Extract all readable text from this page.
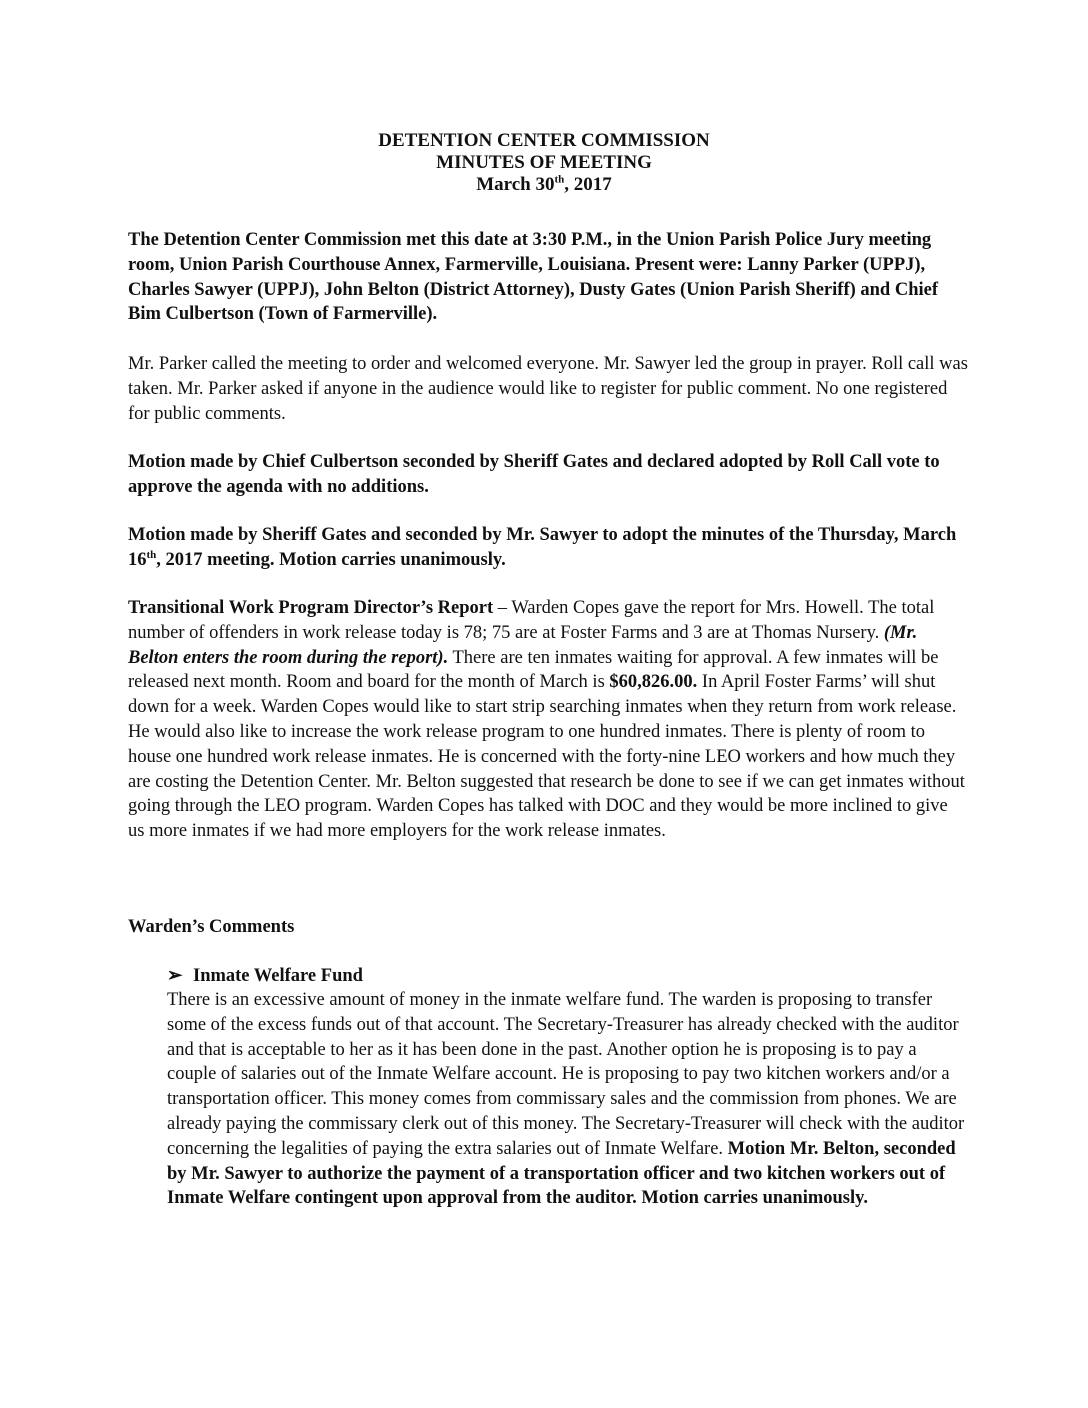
DETENTION CENTER COMMISSION
MINUTES OF MEETING
March 30th, 2017

The Detention Center Commission met this date at 3:30 P.M., in the Union Parish Police Jury meeting room, Union Parish Courthouse Annex, Farmerville, Louisiana. Present were: Lanny Parker (UPPJ), Charles Sawyer (UPPJ), John Belton (District Attorney), Dusty Gates (Union Parish Sheriff) and Chief Bim Culbertson (Town of Farmerville).

Mr. Parker called the meeting to order and welcomed everyone. Mr. Sawyer led the group in prayer. Roll call was taken. Mr. Parker asked if anyone in the audience would like to register for public comment. No one registered for public comments.

Motion made by Chief Culbertson seconded by Sheriff Gates and declared adopted by Roll Call vote to approve the agenda with no additions.

Motion made by Sheriff Gates and seconded by Mr. Sawyer to adopt the minutes of the Thursday, March 16th, 2017 meeting. Motion carries unanimously.

Transitional Work Program Director’s Report – Warden Copes gave the report for Mrs. Howell. The total number of offenders in work release today is 78; 75 are at Foster Farms and 3 are at Thomas Nursery. (Mr. Belton enters the room during the report). There are ten inmates waiting for approval. A few inmates will be released next month. Room and board for the month of March is $60,826.00. In April Foster Farms’ will shut down for a week. Warden Copes would like to start strip searching inmates when they return from work release. He would also like to increase the work release program to one hundred inmates. There is plenty of room to house one hundred work release inmates. He is concerned with the forty-nine LEO workers and how much they are costing the Detention Center. Mr. Belton suggested that research be done to see if we can get inmates without going through the LEO program. Warden Copes has talked with DOC and they would be more inclined to give us more inmates if we had more employers for the work release inmates.

Warden’s Comments

➢ Inmate Welfare Fund

There is an excessive amount of money in the inmate welfare fund. The warden is proposing to transfer some of the excess funds out of that account. The Secretary-Treasurer has already checked with the auditor and that is acceptable to her as it has been done in the past. Another option he is proposing is to pay a couple of salaries out of the Inmate Welfare account. He is proposing to pay two kitchen workers and/or a transportation officer. This money comes from commissary sales and the commission from phones. We are already paying the commissary clerk out of this money. The Secretary-Treasurer will check with the auditor concerning the legalities of paying the extra salaries out of Inmate Welfare. Motion Mr. Belton, seconded by Mr. Sawyer to authorize the payment of a transportation officer and two kitchen workers out of Inmate Welfare contingent upon approval from the auditor. Motion carries unanimously.
